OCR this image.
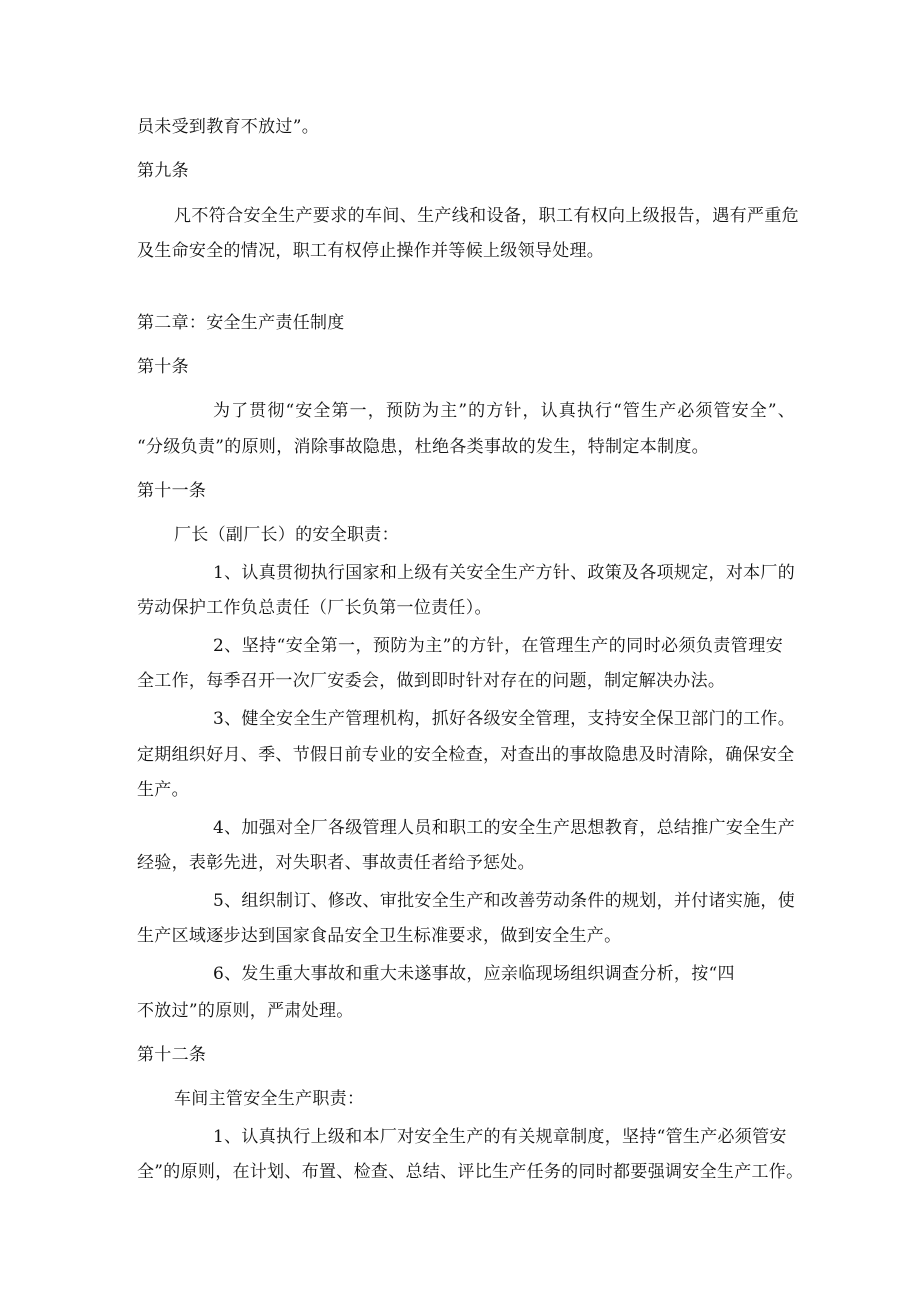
员未受到教育不放过”。
第九条
凡不符合安全生产要求的车间、生产线和设备，职工有权向上级报告，遇有严重危
及生命安全的情况，职工有权停止操作并等候上级领导处理。
第二章：安全生产责任制度
第十条
为了贯彻“安全第一，预防为主”的方针，认真执行“管生产必须管安全”、
“分级负责”的原则，消除事故隐患，杜绝各类事故的发生，特制定本制度。
第十一条
厂长（副厂长）的安全职责：
1、认真贯彻执行国家和上级有关安全生产方针、政策及各项规定，对本厂的
劳动保护工作负总责任（厂长负第一位责任）。
2、坚持“安全第一，预防为主”的方针，在管理生产的同时必须负责管理安
全工作，每季召开一次厂安委会，做到即时针对存在的问题，制定解决办法。
3、健全安全生产管理机构，抓好各级安全管理，支持安全保卫部门的工作。
定期组织好月、季、节假日前专业的安全检查，对查出的事故隐患及时清除，确保安全
生产。
4、加强对全厂各级管理人员和职工的安全生产思想教育，总结推广安全生产
经验，表彰先进，对失职者、事故责任者给予惩处。
5、组织制订、修改、审批安全生产和改善劳动条件的规划，并付诸实施，使
生产区域逐步达到国家食品安全卫生标准要求，做到安全生产。
6、发生重大事故和重大未遂事故，应亲临现场组织调查分析，按“四
不放过”的原则，严肃处理。
第十二条
车间主管安全生产职责：
1、认真执行上级和本厂对安全生产的有关规章制度，坚持“管生产必须管安
全”的原则，在计划、布置、检查、总结、评比生产任务的同时都要强调安全生产工作。
